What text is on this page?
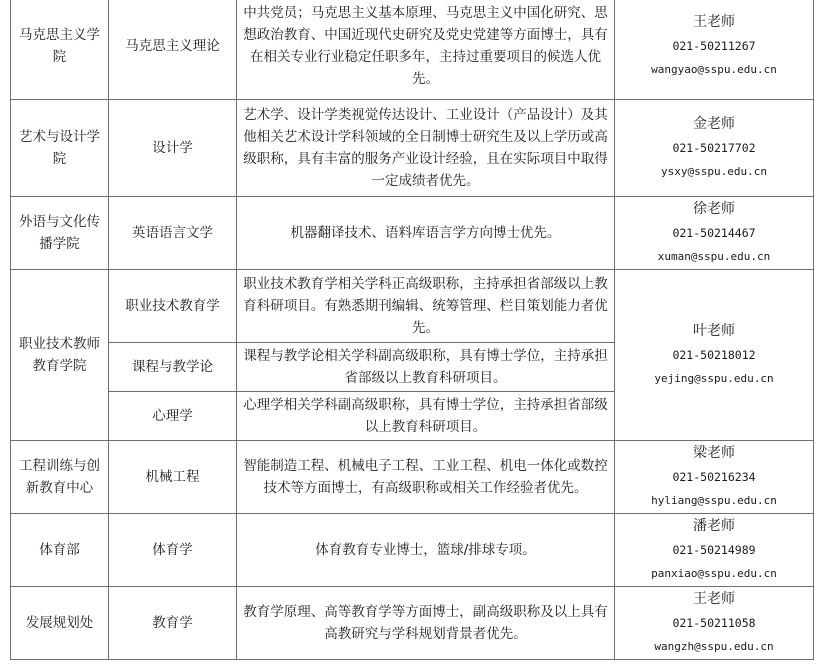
马克思主义学院	马克思主义理论	中共党员；马克思主义基本原理、马克思主义中国化研究、思想政治教育、中国近现代史研究及党史党建等方面博士，具有在相关专业行业稳定任职多年，主持过重要项目的候选人优先。	王老师
021-50211267
wangyao@sspu.edu.cn

艺术与设计学院	设计学	艺术学、设计学类视觉传达设计、工业设计（产品设计）及其他相关艺术设计学科领域的全日制博士研究生及以上学历或高级职称，具有丰富的服务产业设计经验，且在实际项目中取得一定成绩者优先。	金老师
021-50217702
ysxy@sspu.edu.cn

外语与文化传播学院	英语语言文学	机器翻译技术、语料库语言学方向博士优先。	徐老师
021-50214467
xuman@sspu.edu.cn

职业技术教师教育学院	职业技术教育学	职业技术教育学相关学科正高级职称，主持承担省部级以上教育科研项目。有熟悉期刊编辑、统筹管理、栏目策划能力者优先。	叶老师
021-50218012
yejing@sspu.edu.cn

	课程与教学论	课程与教学论相关学科副高级职称，具有博士学位，主持承担省部级以上教育科研项目。	
	心理学	心理学相关学科副高级职称，具有博士学位，主持承担省部级以上教育科研项目。	
工程训练与创新教育中心	机械工程	智能制造工程、机械电子工程、工业工程、机电一体化或数控技术等方面博士，有高级职称或相关工作经验者优先。	梁老师
021-50216234
hyliang@sspu.edu.cn

体育部	体育学	体育教育专业博士，篮球/排球专项。	潘老师
021-50214989
panxiao@sspu.edu.cn

发展规划处	教育学	教育学原理、高等教育学等方面博士，副高级职称及以上具有高教研究与学科规划背景者优先。	王老师
021-50211058
wangzh@sspu.edu.cn
